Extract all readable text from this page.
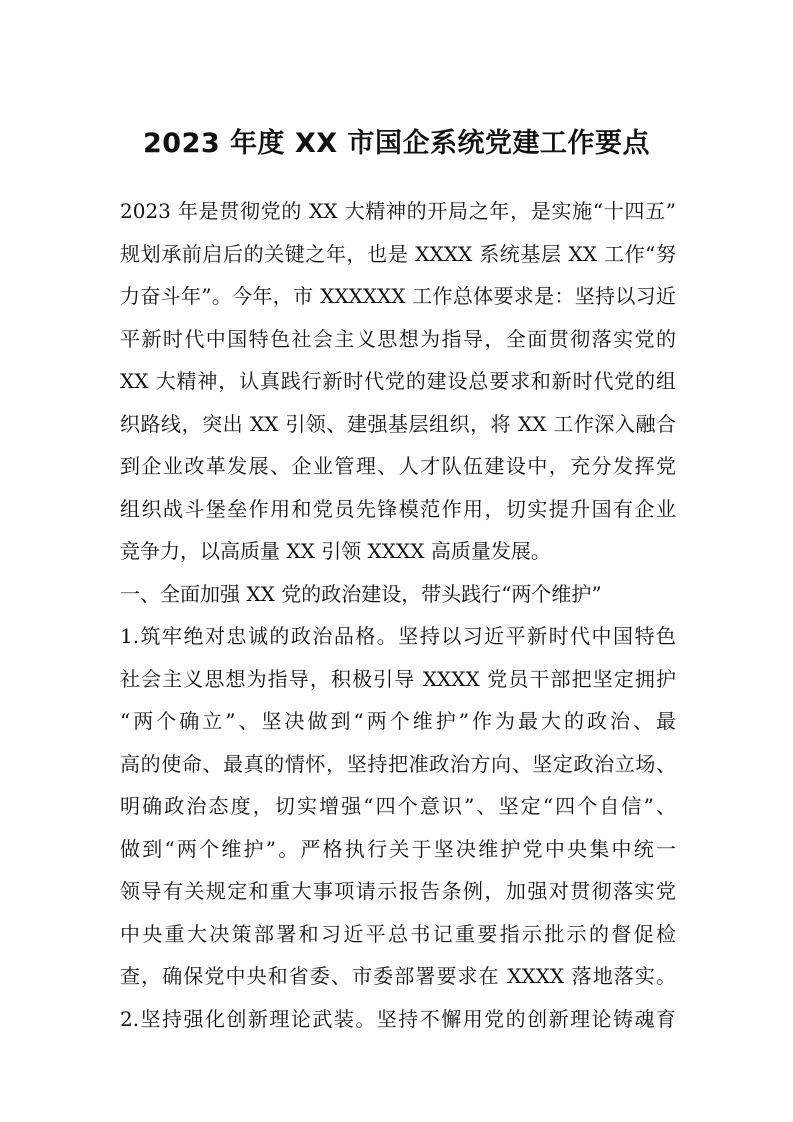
2023 年度 XX 市国企系统党建工作要点
2023 年是贯彻党的 XX 大精神的开局之年，是实施“十四五”
规划承前启后的关键之年，也是 XXXX 系统基层 XX 工作“努
力奋斗年”。今年，市 XXXXXX 工作总体要求是：坚持以习近
平新时代中国特色社会主义思想为指导，全面贯彻落实党的
XX 大精神，认真践行新时代党的建设总要求和新时代党的组
织路线，突出 XX 引领、建强基层组织，将 XX 工作深入融合
到企业改革发展、企业管理、人才队伍建设中，充分发挥党
组织战斗堡垒作用和党员先锋模范作用，切实提升国有企业
竞争力，以高质量 XX 引领 XXXX 高质量发展。
一、全面加强 XX 党的政治建设，带头践行“两个维护”
1.筑牢绝对忠诚的政治品格。坚持以习近平新时代中国特色
社会主义思想为指导，积极引导 XXXX 党员干部把坚定拥护
“两个确立”、坚决做到“两个维护”作为最大的政治、最
高的使命、最真的情怀，坚持把准政治方向、坚定政治立场、
明确政治态度，切实增强“四个意识”、坚定“四个自信”、
做到“两个维护”。严格执行关于坚决维护党中央集中统一
领导有关规定和重大事项请示报告条例，加强对贯彻落实党
中央重大决策部署和习近平总书记重要指示批示的督促检
查，确保党中央和省委、市委部署要求在 XXXX 落地落实。
2.坚持强化创新理论武装。坚持不懈用党的创新理论铸魂育
